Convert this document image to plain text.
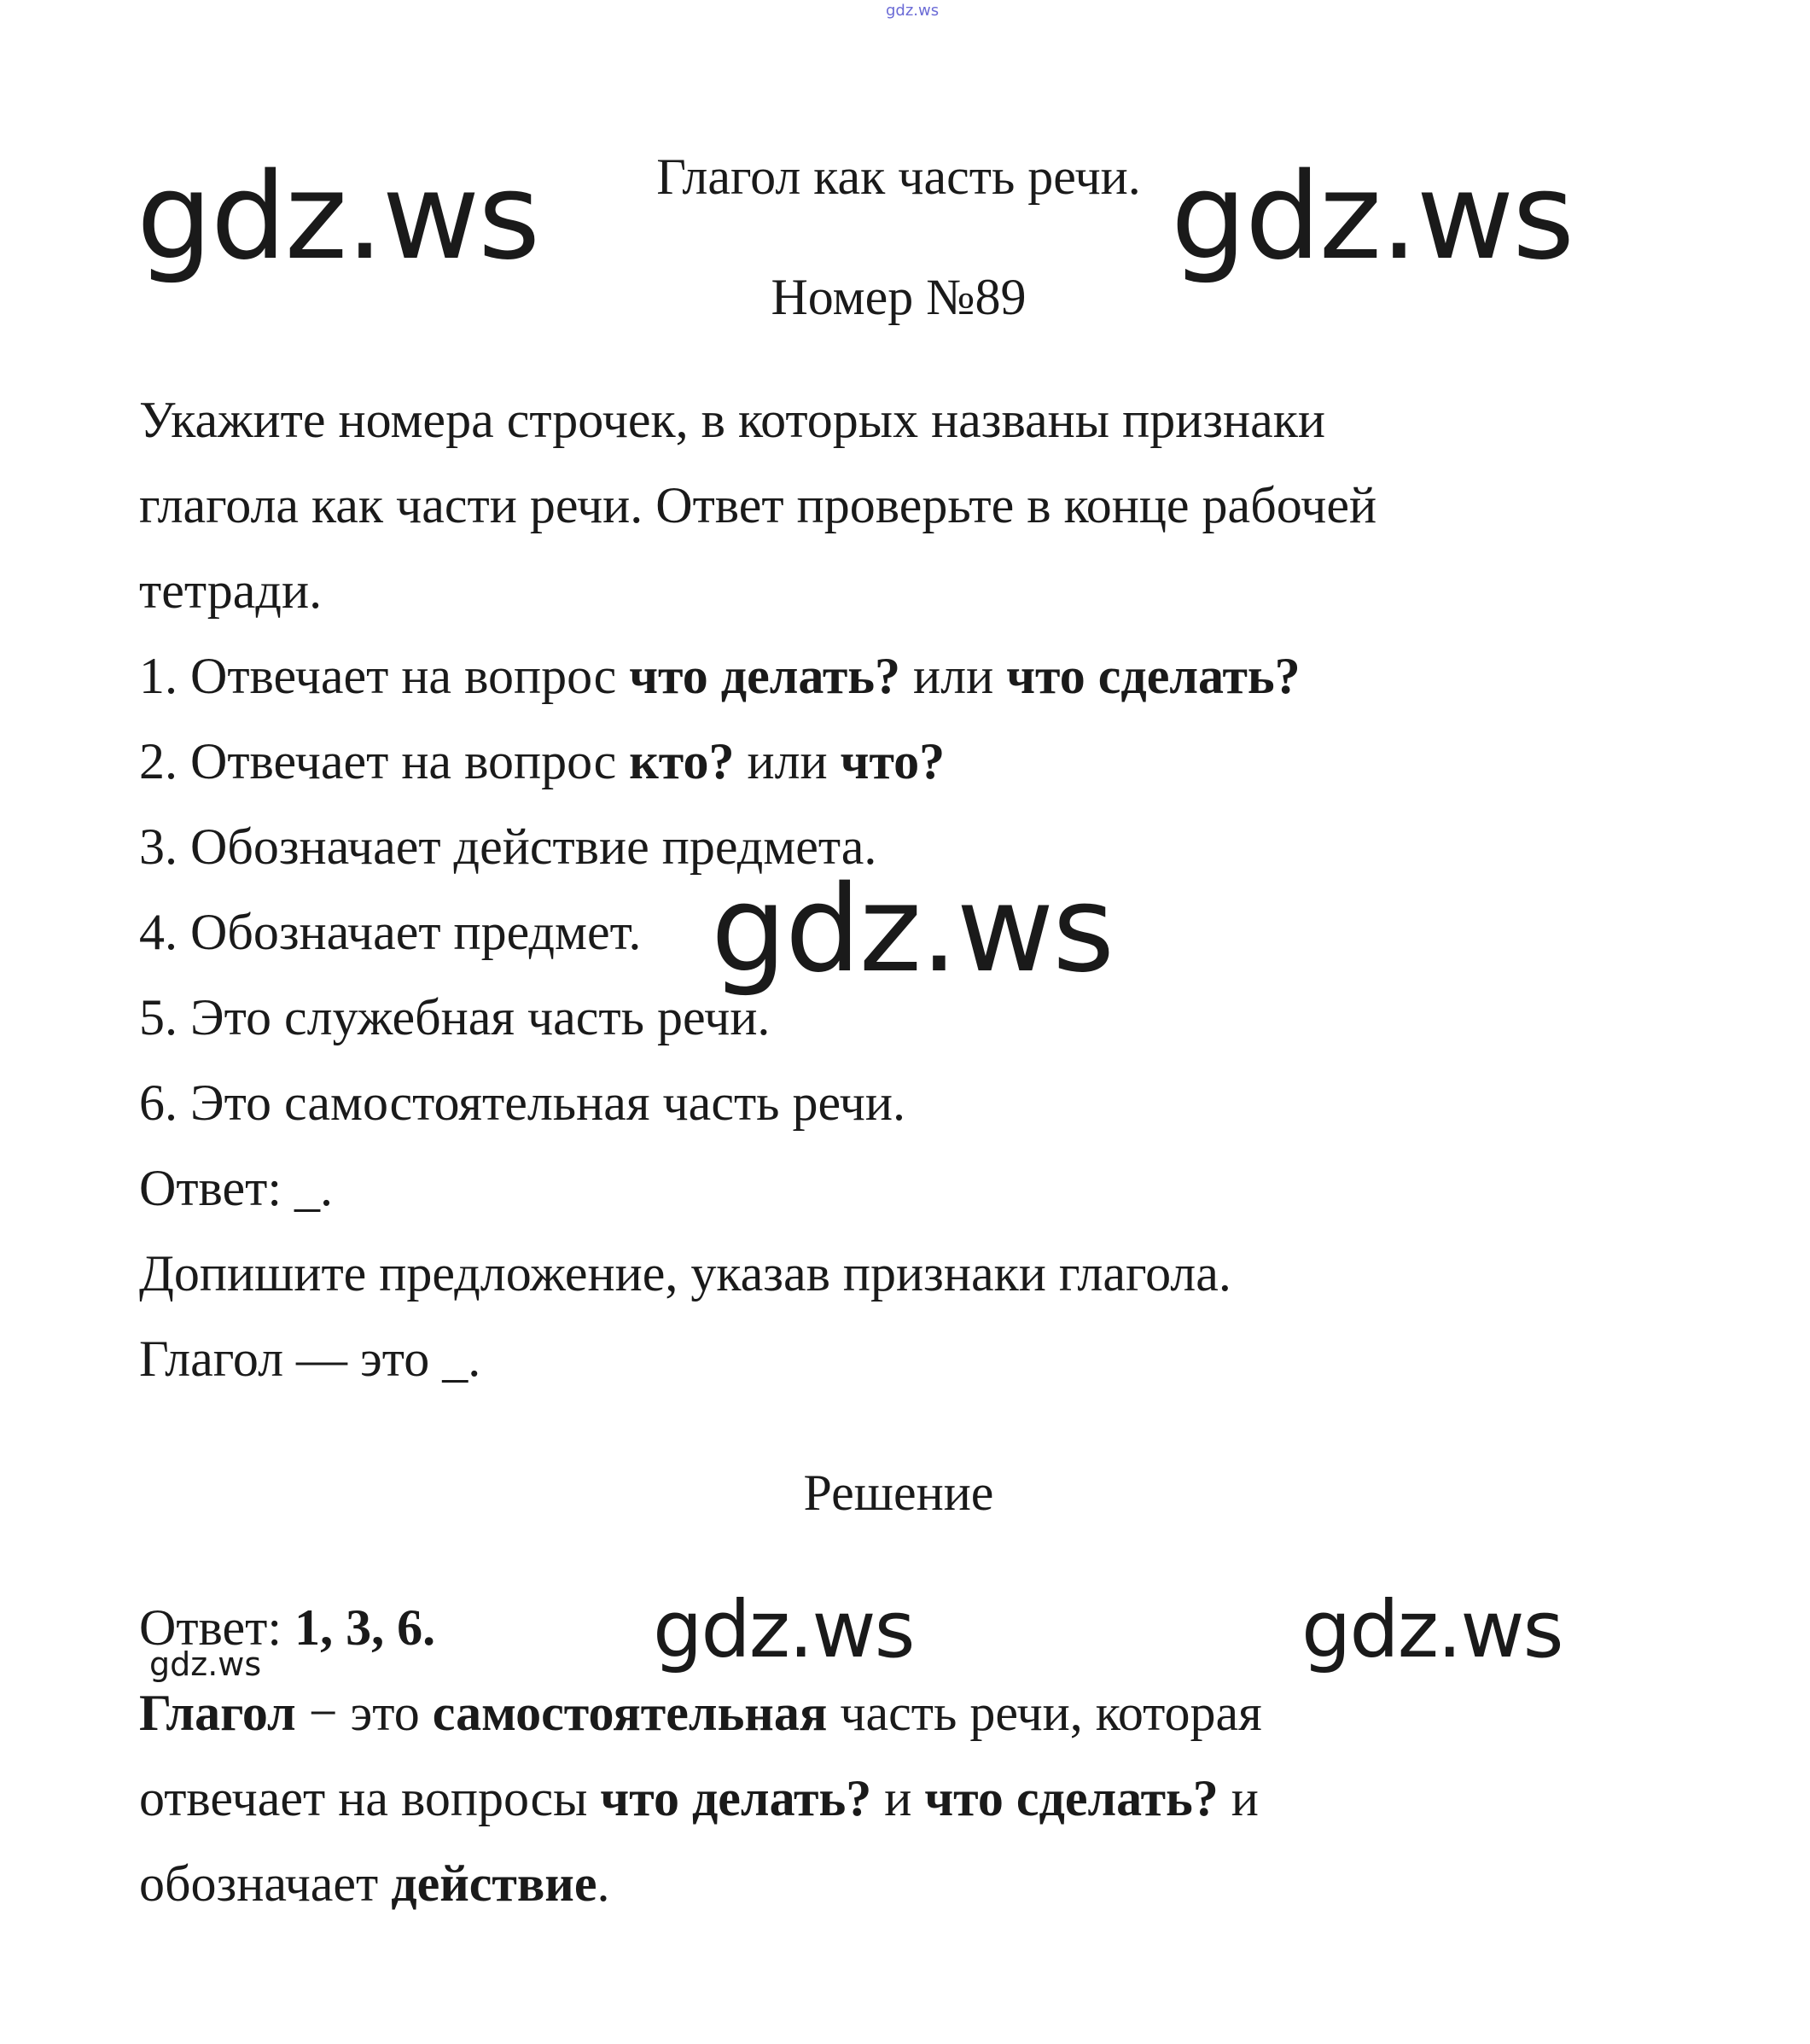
gdz.ws
Глагол как часть речи.
gdz.ws	gdz.ws
Номер №89
Укажите номера строчек, в которых названы признаки
глагола как части речи. Ответ проверьте в конце рабочей
тетради.
1. Отвечает на вопрос что делать? или что сделать?
2. Отвечает на вопрос кто? или что?
3. Обозначает действие предмета.
4. Обозначает предмет.
5. Это служебная часть речи.
6. Это самостоятельная часть речи.
gdz.ws
Ответ: _.
Допишите предложение, указав признаки глагола.
Глагол — это _.
Решение
Ответ: 1, 3, 6.	gdz.ws	gdz.ws
gdz.ws
Глагол − это самостоятельная часть речи, которая
отвечает на вопросы что делать? и что сделать? и
обозначает действие.
